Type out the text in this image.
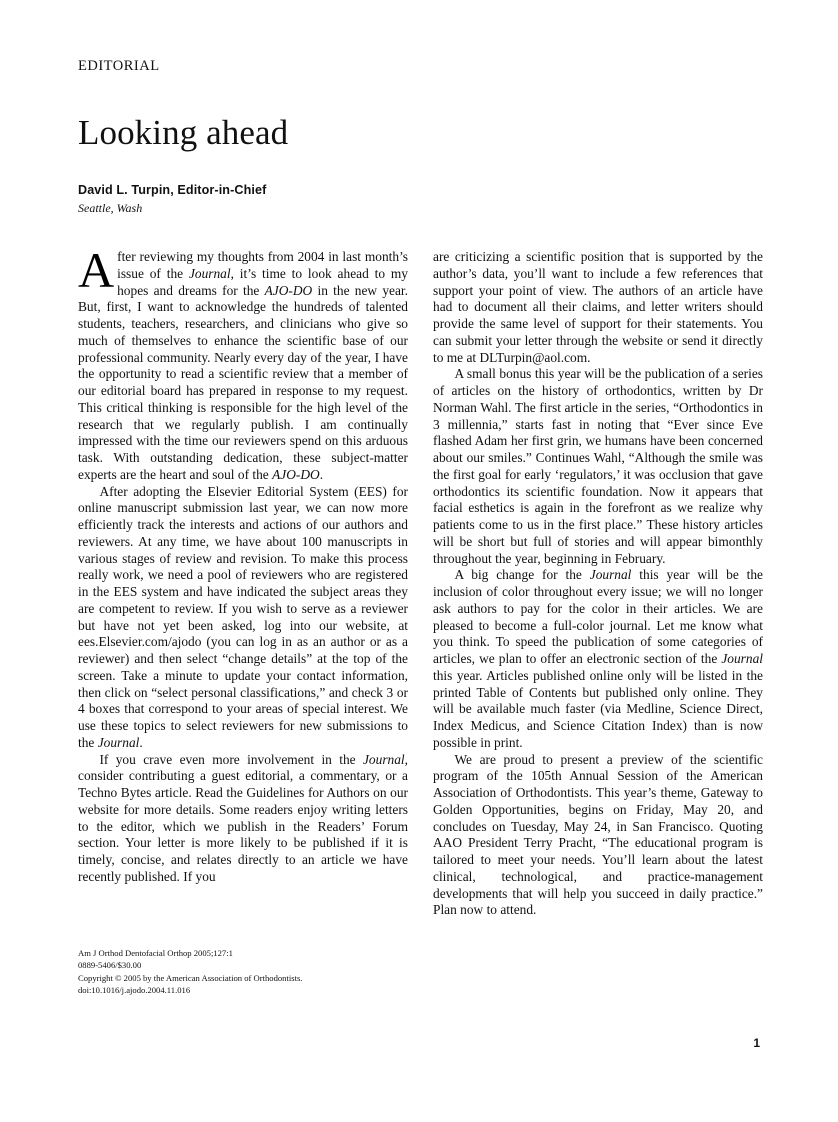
EDITORIAL
Looking ahead
David L. Turpin, Editor-in-Chief
Seattle, Wash

After reviewing my thoughts from 2004 in last month’s issue of the Journal, it’s time to look ahead to my hopes and dreams for the AJO-DO in the new year. But, first, I want to acknowledge the hundreds of talented students, teachers, researchers, and clinicians who give so much of themselves to enhance the scientific base of our professional community. Nearly every day of the year, I have the opportunity to read a scientific review that a member of our editorial board has prepared in response to my request. This critical thinking is responsible for the high level of the research that we regularly publish. I am continually impressed with the time our reviewers spend on this arduous task. With outstanding dedication, these subject-matter experts are the heart and soul of the AJO-DO.

After adopting the Elsevier Editorial System (EES) for online manuscript submission last year, we can now more efficiently track the interests and actions of our authors and reviewers. At any time, we have about 100 manuscripts in various stages of review and revision. To make this process really work, we need a pool of reviewers who are registered in the EES system and have indicated the subject areas they are competent to review. If you wish to serve as a reviewer but have not yet been asked, log into our website, at ees.Elsevier.com/ajodo (you can log in as an author or as a reviewer) and then select “change details” at the top of the screen. Take a minute to update your contact information, then click on “select personal classifications,” and check 3 or 4 boxes that correspond to your areas of special interest. We use these topics to select reviewers for new submissions to the Journal.

If you crave even more involvement in the Journal, consider contributing a guest editorial, a commentary, or a Techno Bytes article. Read the Guidelines for Authors on our website for more details. Some readers enjoy writing letters to the editor, which we publish in the Readers’ Forum section. Your letter is more likely to be published if it is timely, concise, and relates directly to an article we have recently published. If you

are criticizing a scientific position that is supported by the author’s data, you’ll want to include a few references that support your point of view. The authors of an article have had to document all their claims, and letter writers should provide the same level of support for their statements. You can submit your letter through the website or send it directly to me at DLTurpin@aol.com.

A small bonus this year will be the publication of a series of articles on the history of orthodontics, written by Dr Norman Wahl. The first article in the series, “Orthodontics in 3 millennia,” starts fast in noting that “Ever since Eve flashed Adam her first grin, we humans have been concerned about our smiles.” Continues Wahl, “Although the smile was the first goal for early ‘regulators,’ it was occlusion that gave orthodontics its scientific foundation. Now it appears that facial esthetics is again in the forefront as we realize why patients come to us in the first place.” These history articles will be short but full of stories and will appear bimonthly throughout the year, beginning in February.

A big change for the Journal this year will be the inclusion of color throughout every issue; we will no longer ask authors to pay for the color in their articles. We are pleased to become a full-color journal. Let me know what you think. To speed the publication of some categories of articles, we plan to offer an electronic section of the Journal this year. Articles published online only will be listed in the printed Table of Contents but published only online. They will be available much faster (via Medline, Science Direct, Index Medicus, and Science Citation Index) than is now possible in print.

We are proud to present a preview of the scientific program of the 105th Annual Session of the American Association of Orthodontists. This year’s theme, Gateway to Golden Opportunities, begins on Friday, May 20, and concludes on Tuesday, May 24, in San Francisco. Quoting AAO President Terry Pracht, “The educational program is tailored to meet your needs. You’ll learn about the latest clinical, technological, and practice-management developments that will help you succeed in daily practice.” Plan now to attend.

Am J Orthod Dentofacial Orthop 2005;127:1
0889-5406/$30.00
Copyright © 2005 by the American Association of Orthodontists.
doi:10.1016/j.ajodo.2004.11.016
1
